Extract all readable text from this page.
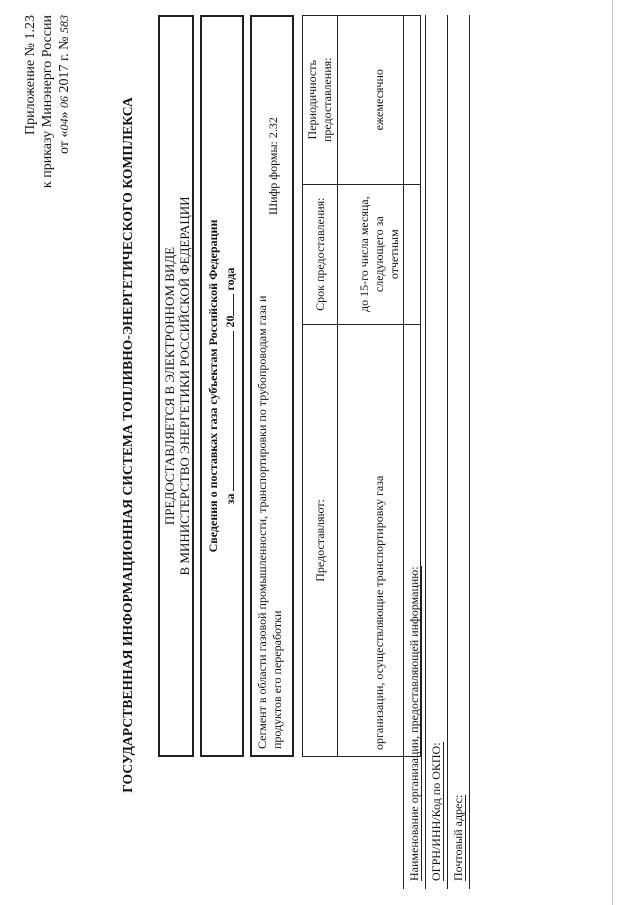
Приложение № 1.23 к приказу Минэнерго России от «04» 06 2017 г. № 583
ГОСУДАРСТВЕННАЯ ИНФОРМАЦИОННАЯ СИСТЕМА ТОПЛИВНО-ЭНЕРГЕТИЧЕСКОГО КОМПЛЕКСА ПРЕДОСТАВЛЯЕТСЯ В ЭЛЕКТРОННОМ ВИДЕ В МИНИСТЕРСТВО ЭНЕРГЕТИКИ РОССИЙСКОЙ ФЕДЕРАЦИИ Сведения о поставках газа субъектам Российской Федерации за  20 года
Сегмент в области газовой промышленности, транспортировки по трубопроводам газа и продуктов его переработки
Шифр формы: 2.32
Предоставляют:	Срок предоставления:	Периодичность предоставления:
организации, осуществляющие транспортировку газа	до 15-го числа месяца, следующего за отчетным	ежемесячно
Наименование организации, предоставляющей информацию: ОГРН/ИНН/Код по ОКПО: Почтовый адрес:
